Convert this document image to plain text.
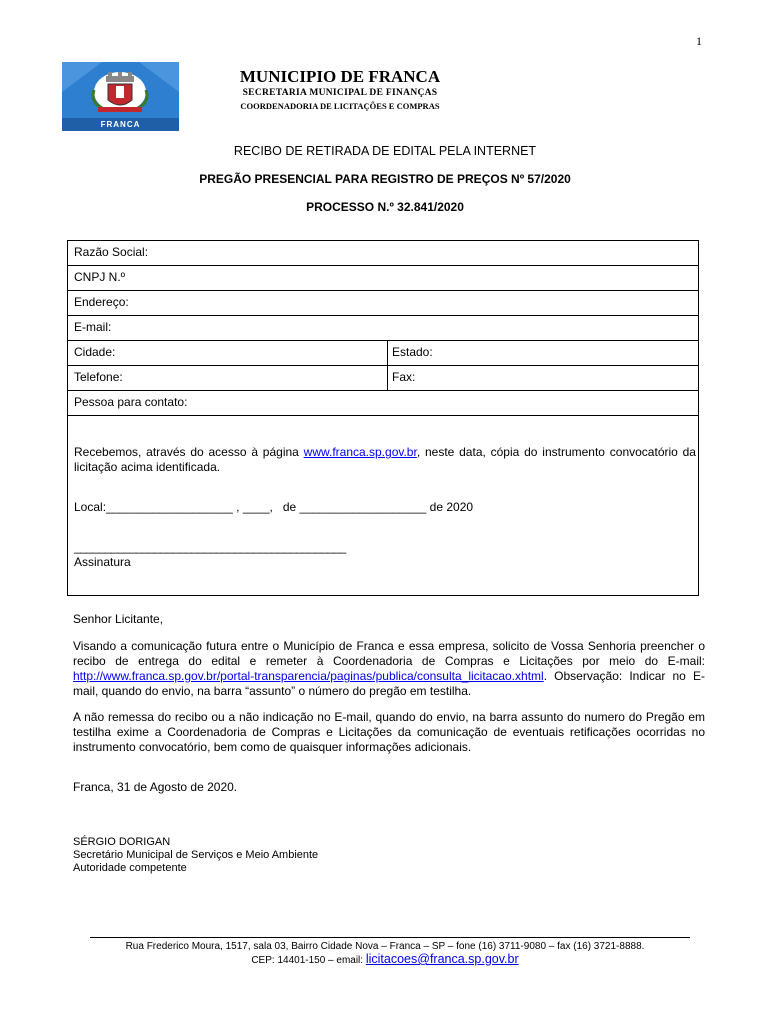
1
FRANCA
MUNICIPIO DE FRANCA
SECRETARIA MUNICIPAL DE FINANÇAS
COORDENADORIA DE LICITAÇÕES E COMPRAS
RECIBO DE RETIRADA DE EDITAL PELA INTERNET
PREGÃO PRESENCIAL PARA REGISTRO DE PREÇOS Nº 57/2020
PROCESSO N.º 32.841/2020
Razão Social:
CNPJ N.º
Endereço:
E-mail:
Cidade:	Estado:
Telefone:	Fax:
Pessoa para contato:
Recebemos, através do acesso à página www.franca.sp.gov.br, neste data, cópia do instrumento convocatório da licitação acima identificada.
Local:___________________ , ____,   de ___________________ de 2020
____________________________________________
Assinatura
Senhor Licitante,
Visando a comunicação futura entre o Município de Franca e essa empresa, solicito de Vossa Senhoria preencher o recibo de entrega do edital e remeter à Coordenadoria de Compras e Licitações por meio do E-mail: http://www.franca.sp.gov.br/portal-transparencia/paginas/publica/consulta_licitacao.xhtml. Observação: Indicar no E-mail, quando do envio, na barra “assunto” o número do pregão em testilha.
A não remessa do recibo ou a não indicação no E-mail, quando do envio, na barra assunto do numero do Pregão em testilha exime a Coordenadoria de Compras e Licitações da comunicação de eventuais retificações ocorridas no instrumento convocatório, bem como de quaisquer informações adicionais.
Franca, 31 de Agosto de 2020.
SÉRGIO DORIGAN
Secretário Municipal de Serviços e Meio Ambiente
Autoridade competente
Rua Frederico Moura, 1517, sala 03, Bairro Cidade Nova – Franca – SP – fone (16) 3711-9080 – fax (16) 3721-8888.
CEP: 14401-150 – email: licitacoes@franca.sp.gov.br
